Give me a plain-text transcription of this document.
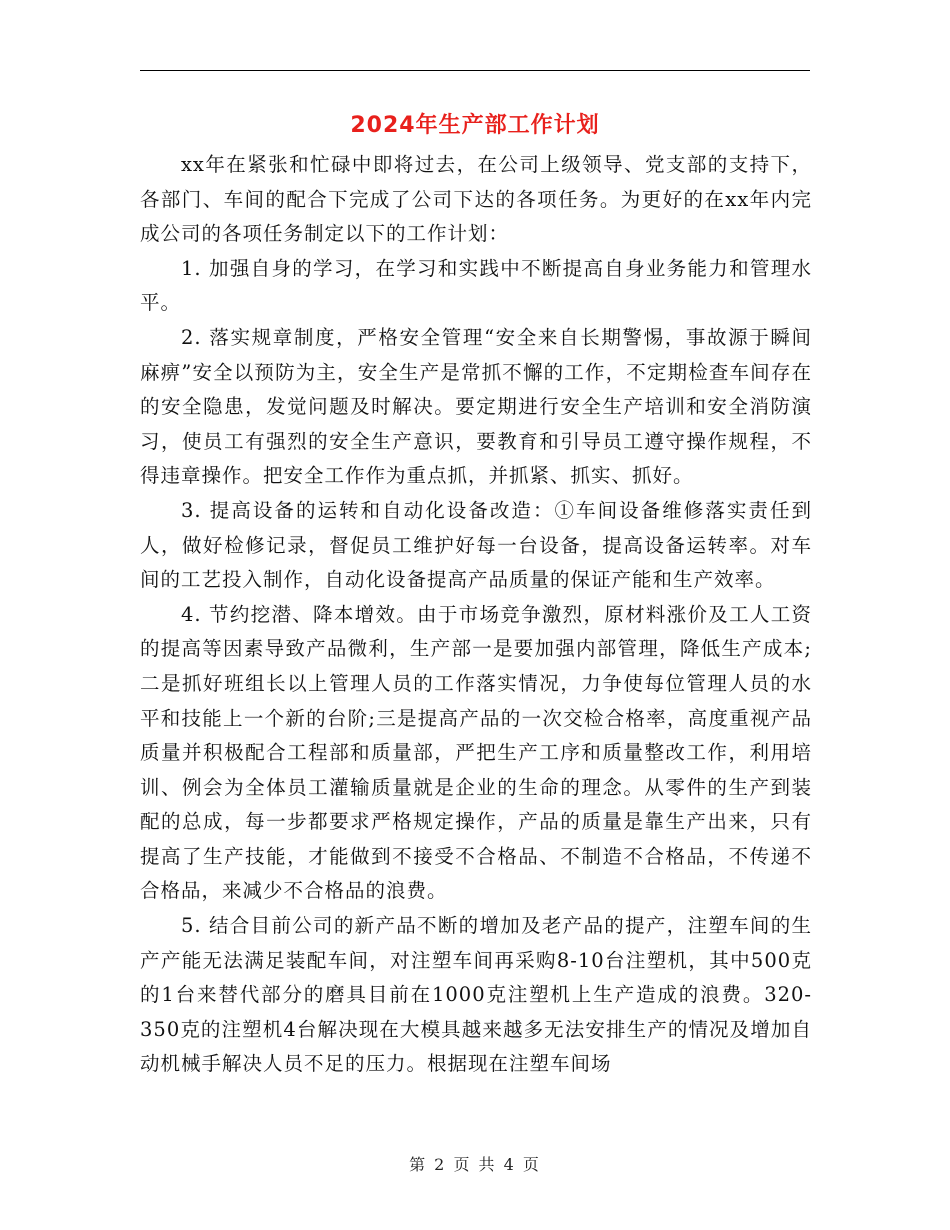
2024年生产部工作计划

xx年在紧张和忙碌中即将过去，在公司上级领导、党支部的支持下，各部门、车间的配合下完成了公司下达的各项任务。为更好的在xx年内完成公司的各项任务制定以下的工作计划：

1. 加强自身的学习，在学习和实践中不断提高自身业务能力和管理水平。

2. 落实规章制度，严格安全管理“安全来自长期警惕，事故源于瞬间麻痹”安全以预防为主，安全生产是常抓不懈的工作，不定期检查车间存在的安全隐患，发觉问题及时解决。要定期进行安全生产培训和安全消防演习，使员工有强烈的安全生产意识，要教育和引导员工遵守操作规程，不得违章操作。把安全工作作为重点抓，并抓紧、抓实、抓好。

3. 提高设备的运转和自动化设备改造：①车间设备维修落实责任到人，做好检修记录，督促员工维护好每一台设备，提高设备运转率。对车间的工艺投入制作，自动化设备提高产品质量的保证产能和生产效率。

4. 节约挖潜、降本增效。由于市场竞争激烈，原材料涨价及工人工资的提高等因素导致产品微利，生产部一是要加强内部管理，降低生产成本;二是抓好班组长以上管理人员的工作落实情况，力争使每位管理人员的水平和技能上一个新的台阶;三是提高产品的一次交检合格率，高度重视产品质量并积极配合工程部和质量部，严把生产工序和质量整改工作，利用培训、例会为全体员工灌输质量就是企业的生命的理念。从零件的生产到装配的总成，每一步都要求严格规定操作，产品的质量是靠生产出来，只有提高了生产技能，才能做到不接受不合格品、不制造不合格品，不传递不合格品，来减少不合格品的浪费。

5. 结合目前公司的新产品不断的增加及老产品的提产，注塑车间的生产产能无法满足装配车间，对注塑车间再采购8-10台注塑机，其中500克的1台来替代部分的磨具目前在1000克注塑机上生产造成的浪费。320-350克的注塑机4台解决现在大模具越来越多无法安排生产的情况及增加自动机械手解决人员不足的压力。根据现在注塑车间场

第 2 页 共 4 页
